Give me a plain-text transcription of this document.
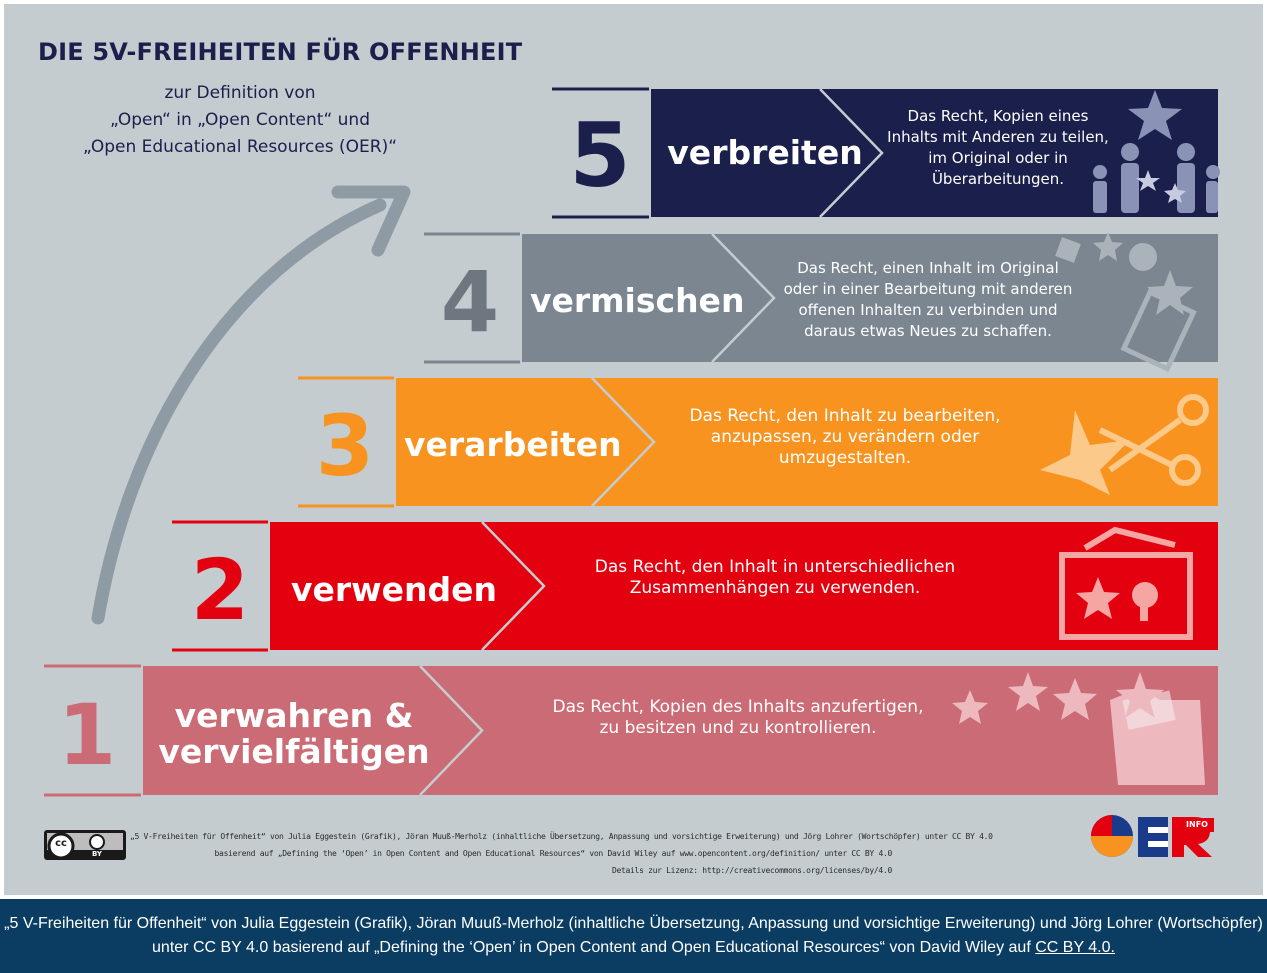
DIE 5V-FREIHEITEN FÜR OFFENHEIT
zur Definition von
„Open“ in „Open Content“ und
„Open Educational Resources (OER)“
1	verwahren &
vervielfältigen
Das Recht, Kopien des Inhalts anzufertigen,
zu besitzen und zu kontrollieren.
2	verwenden
Das Recht, den Inhalt in unterschiedlichen
Zusammenhängen zu verwenden.
3 verarbeiten
Das Recht, den Inhalt zu bearbeiten,
anzupassen, zu verändern oder
umzugestalten.
4 vermischen
Das Recht, einen Inhalt im Original
oder in einer Bearbeitung mit anderen
offenen Inhalten zu verbinden und
daraus etwas Neues zu schaffen.
5 verbreiten
Das Recht, Kopien eines
Inhalts mit Anderen zu teilen,
im Original oder in
Überarbeitungen.
cc
BY
„5 V-Freiheiten für Offenheit“ von Julia Eggestein (Grafik), Jöran Muuß-Merholz (inhaltliche Übersetzung, Anpassung und vorsichtige Erweiterung) und Jörg Lohrer (Wortschöpfer) unter CC BY 4.0
basierend auf „Defining the ‘Open’ in Open Content and Open Educational Resources“ von David Wiley auf www.opencontent.org/definition/ unter CC BY 4.0
Details zur Lizenz: http://creativecommons.org/licenses/by/4.0
INFO
„5 V-Freiheiten für Offenheit“ von Julia Eggestein (Grafik), Jöran Muuß-Merholz (inhaltliche Übersetzung, Anpassung und vorsichtige Erweiterung) und Jörg Lohrer (Wortschöpfer) unter CC BY 4.0 basierend auf „Defining the ‘Open’ in Open Content and Open Educational Resources“ von David Wiley auf CC BY 4.0.
